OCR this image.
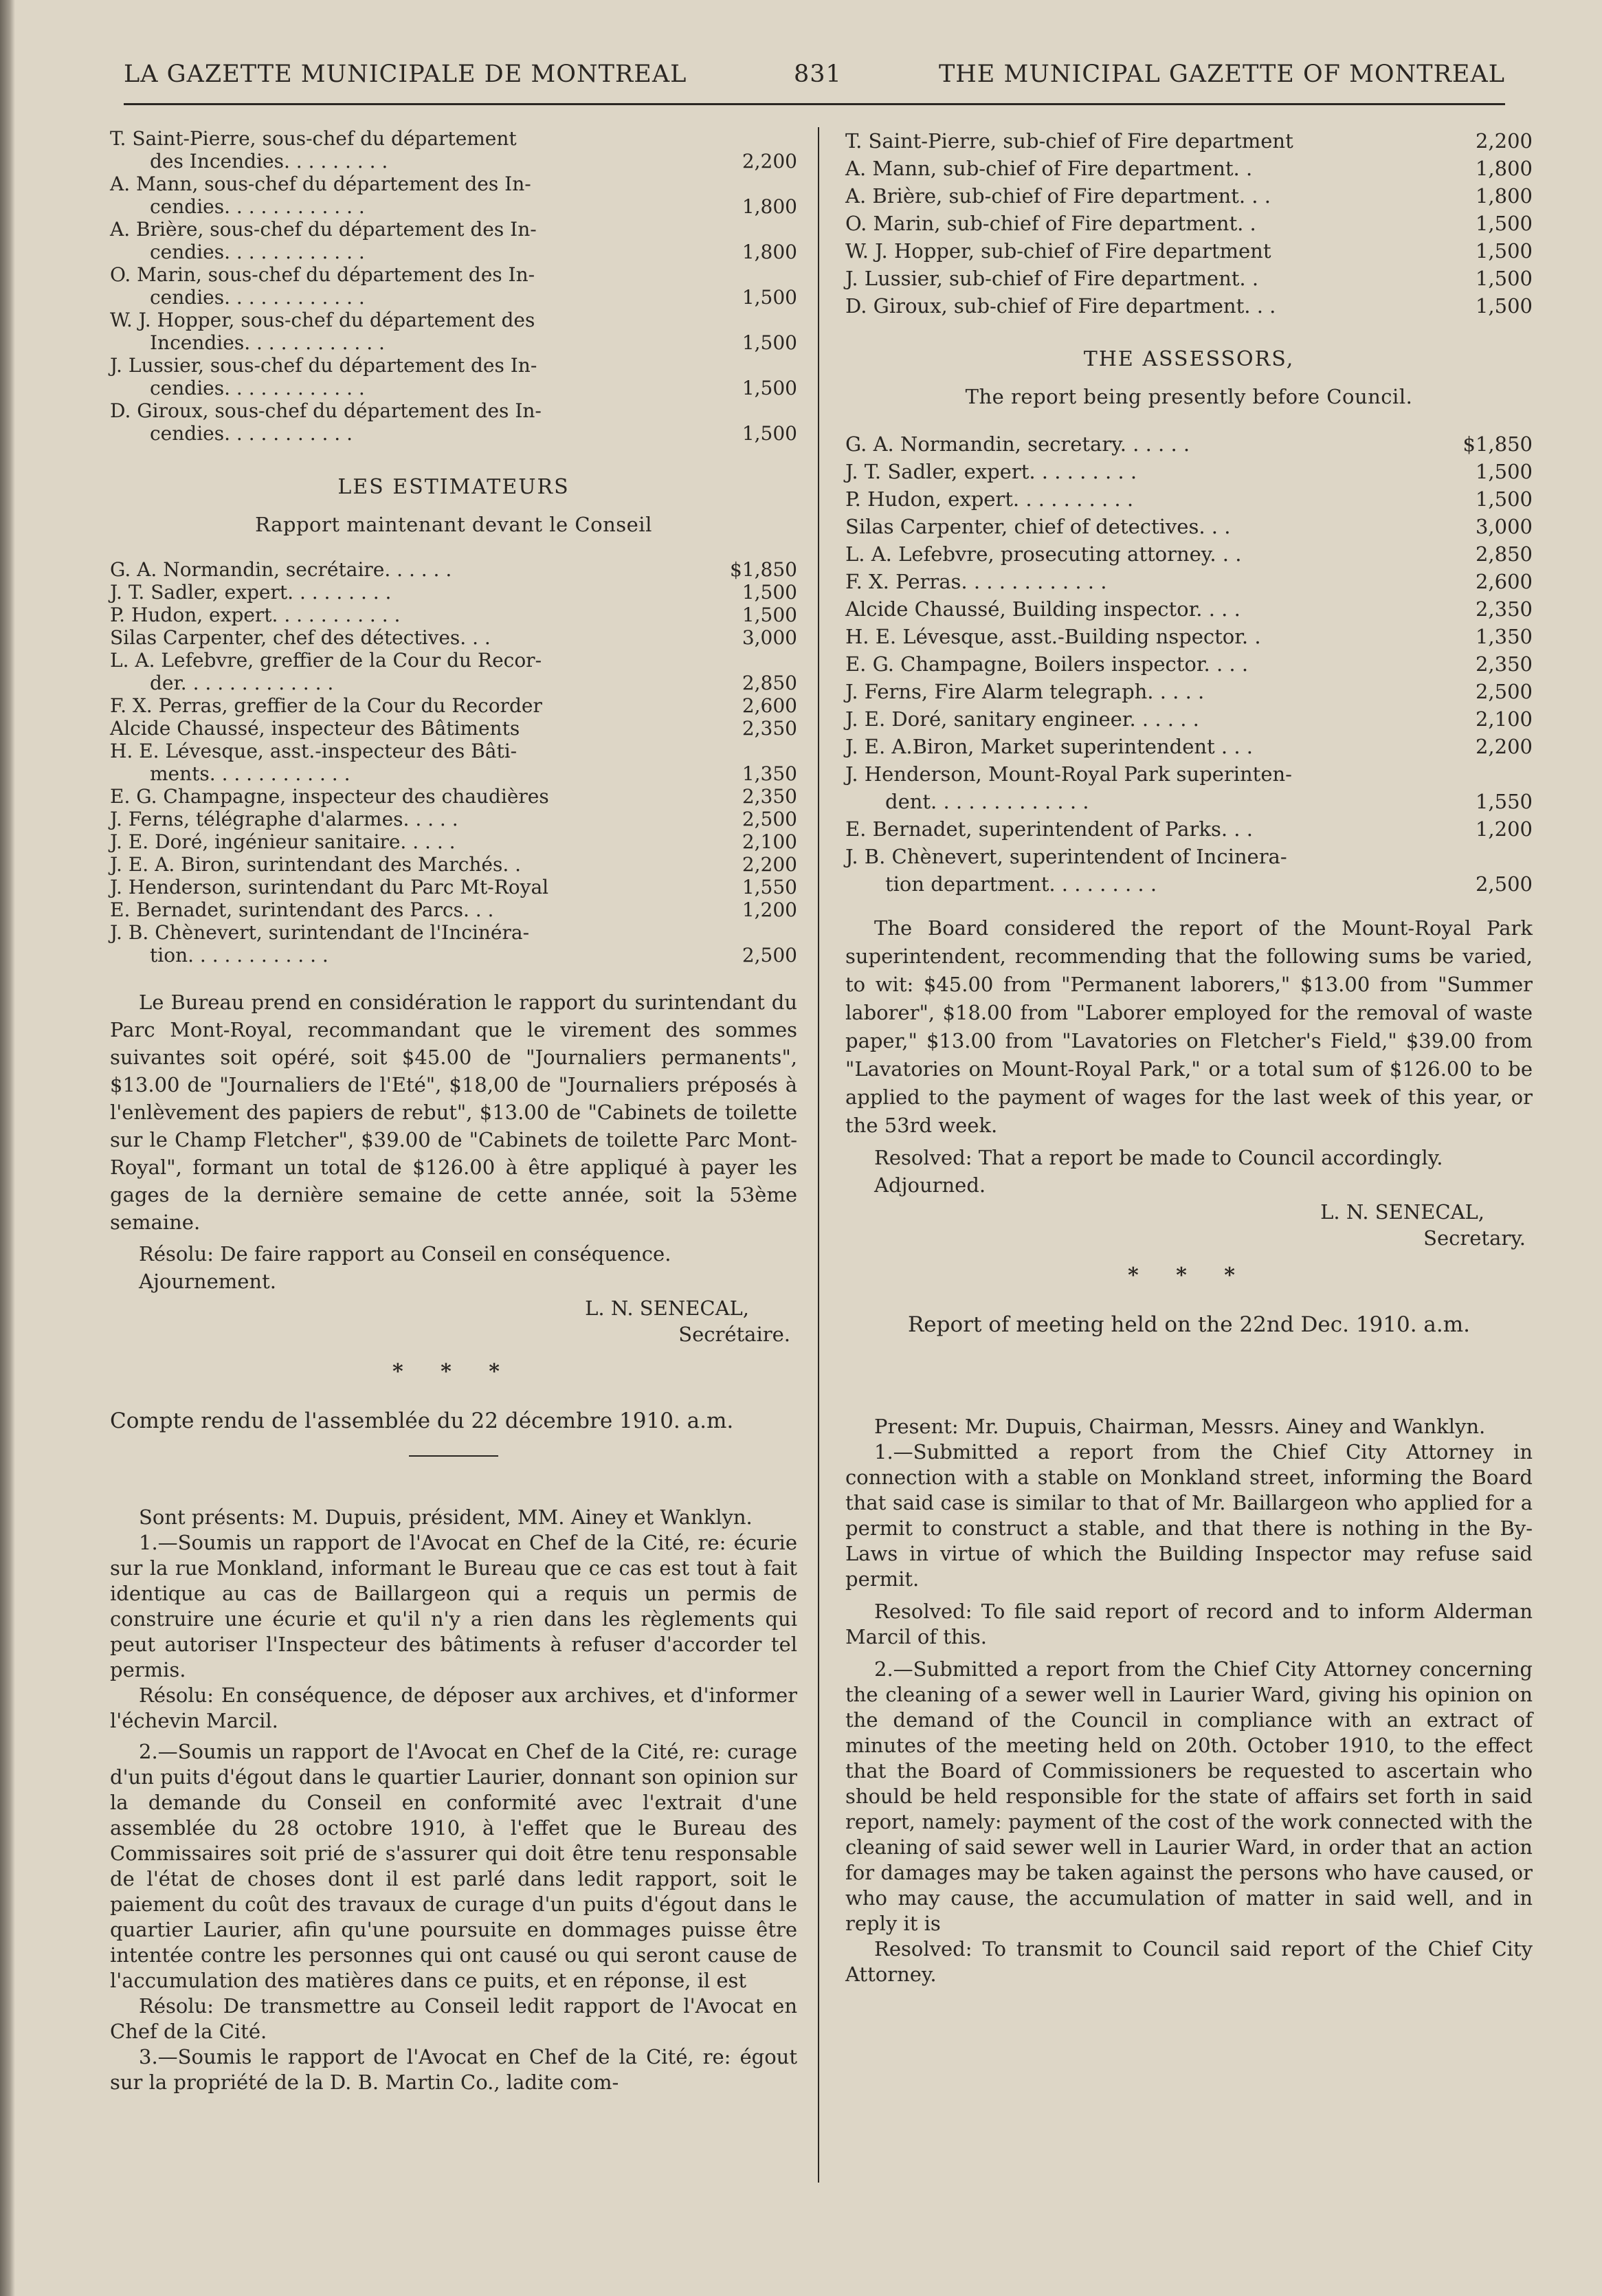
LA GAZETTE MUNICIPALE DE MONTREAL	831	THE MUNICIPAL GAZETTE OF MONTREAL
T. Saint-Pierre, sous-chef du département
des Incendies. . . . . . . . .	2,200
A. Mann, sous-chef du département des In-
cendies. . . . . . . . . . . .	1,800
A. Brière, sous-chef du département des In-
cendies. . . . . . . . . . . .	1,800
O. Marin, sous-chef du département des In-
cendies. . . . . . . . . . . .	1,500
W. J. Hopper, sous-chef du département des
Incendies. . . . . . . . . . . .	1,500
J. Lussier, sous-chef du département des In-
cendies. . . . . . . . . . . .	1,500
D. Giroux, sous-chef du département des In-
cendies. . . . . . . . . . .	1,500
LES ESTIMATEURS
Rapport maintenant devant le Conseil
G. A. Normandin, secrétaire. . . . . .	$1,850
J. T. Sadler, expert. . . . . . . . .	1,500
P. Hudon, expert. . . . . . . . . . .	1,500
Silas Carpenter, chef des détectives. . .	3,000
L. A. Lefebvre, greffier de la Cour du Recor-
der. . . . . . . . . . . . .	2,850
F. X. Perras, greffier de la Cour du Recorder	2,600
Alcide Chaussé, inspecteur des Bâtiments	2,350
H. E. Lévesque, asst.-inspecteur des Bâti-
ments. . . . . . . . . . . .	1,350
E. G. Champagne, inspecteur des chaudières	2,350
J. Ferns, télégraphe d'alarmes. . . . .	2,500
J. E. Doré, ingénieur sanitaire. . . . .	2,100
J. E. A. Biron, surintendant des Marchés. .	2,200
J. Henderson, surintendant du Parc Mt-Royal	1,550
E. Bernadet, surintendant des Parcs. . .	1,200
J. B. Chènevert, surintendant de l'Incinéra-
tion. . . . . . . . . . . .	2,500

Le Bureau prend en considération le rapport du surintendant du Parc Mont-Royal, recommandant que le virement des sommes suivantes soit opéré, soit $45.00 de "Journaliers permanents", $13.00 de "Journaliers de l'Eté", $18,00 de "Journaliers préposés à l'enlèvement des papiers de rebut", $13.00 de "Cabinets de toilette sur le Champ Fletcher", $39.00 de "Cabinets de toilette Parc Mont-Royal", formant un total de $126.00 à être appliqué à payer les gages de la dernière semaine de cette année, soit la 53ème semaine.

Résolu: De faire rapport au Conseil en conséquence.

Ajournement.

L. N. SENECAL,
Secrétaire.
* * *
Compte rendu de l'assemblée du 22 décembre 1910. a.m.

Sont présents: M. Dupuis, président, MM. Ainey et Wanklyn.

1.—Soumis un rapport de l'Avocat en Chef de la Cité, re: écurie sur la rue Monkland, informant le Bureau que ce cas est tout à fait identique au cas de Baillargeon qui a requis un permis de construire une écurie et qu'il n'y a rien dans les règlements qui peut autoriser l'Inspecteur des bâtiments à refuser d'accorder tel permis.

Résolu: En conséquence, de déposer aux archives, et d'informer l'échevin Marcil.

2.—Soumis un rapport de l'Avocat en Chef de la Cité, re: curage d'un puits d'égout dans le quartier Laurier, donnant son opinion sur la demande du Conseil en conformité avec l'extrait d'une assemblée du 28 octobre 1910, à l'effet que le Bureau des Commissaires soit prié de s'assurer qui doit être tenu responsable de l'état de choses dont il est parlé dans ledit rapport, soit le paiement du coût des travaux de curage d'un puits d'égout dans le quartier Laurier, afin qu'une poursuite en dommages puisse être intentée contre les personnes qui ont causé ou qui seront cause de l'accumulation des matières dans ce puits, et en réponse, il est

Résolu: De transmettre au Conseil ledit rapport de l'Avocat en Chef de la Cité.

3.—Soumis le rapport de l'Avocat en Chef de la Cité, re: égout sur la propriété de la D. B. Martin Co., ladite com-

T. Saint-Pierre, sub-chief of Fire department	2,200
A. Mann, sub-chief of Fire department. .	1,800
A. Brière, sub-chief of Fire department. . .	1,800
O. Marin, sub-chief of Fire department. .	1,500
W. J. Hopper, sub-chief of Fire department	1,500
J. Lussier, sub-chief of Fire department. .	1,500
D. Giroux, sub-chief of Fire department. . .	1,500
THE ASSESSORS,
The report being presently before Council.
G. A. Normandin, secretary. . . . . .	$1,850
J. T. Sadler, expert. . . . . . . . .	1,500
P. Hudon, expert. . . . . . . . . .	1,500
Silas Carpenter, chief of detectives. . .	3,000
L. A. Lefebvre, prosecuting attorney. . .	2,850
F. X. Perras. . . . . . . . . . . .	2,600
Alcide Chaussé, Building inspector. . . .	2,350
H. E. Lévesque, asst.-Building nspector. .	1,350
E. G. Champagne, Boilers inspector. . . .	2,350
J. Ferns, Fire Alarm telegraph. . . . .	2,500
J. E. Doré, sanitary engineer. . . . . .	2,100
J. E. A.Biron, Market superintendent . . .	2,200
J. Henderson, Mount-Royal Park superinten-
dent. . . . . . . . . . . . .	1,550
E. Bernadet, superintendent of Parks. . .	1,200
J. B. Chènevert, superintendent of Incinera-
tion department. . . . . . . . .	2,500

The Board considered the report of the Mount-Royal Park superintendent, recommending that the following sums be varied, to wit: $45.00 from "Permanent laborers," $13.00 from "Summer laborer", $18.00 from "Laborer employed for the removal of waste paper," $13.00 from "Lavatories on Fletcher's Field," $39.00 from "Lavatories on Mount-Royal Park," or a total sum of $126.00 to be applied to the payment of wages for the last week of this year, or the 53rd week.

Resolved: That a report be made to Council accordingly.

Adjourned.

L. N. SENECAL,
Secretary.
* * *
Report of meeting held on the 22nd Dec. 1910. a.m.

Present: Mr. Dupuis, Chairman, Messrs. Ainey and Wanklyn.

1.—Submitted a report from the Chief City Attorney in connection with a stable on Monkland street, informing the Board that said case is similar to that of Mr. Baillargeon who applied for a permit to construct a stable, and that there is nothing in the By-Laws in virtue of which the Building Inspector may refuse said permit.

Resolved: To file said report of record and to inform Alderman Marcil of this.

2.—Submitted a report from the Chief City Attorney concerning the cleaning of a sewer well in Laurier Ward, giving his opinion on the demand of the Council in compliance with an extract of minutes of the meeting held on 20th. October 1910, to the effect that the Board of Commissioners be requested to ascertain who should be held responsible for the state of affairs set forth in said report, namely: payment of the cost of the work connected with the cleaning of said sewer well in Laurier Ward, in order that an action for damages may be taken against the persons who have caused, or who may cause, the accumulation of matter in said well, and in reply it is

Resolved: To transmit to Council said report of the Chief City Attorney.
